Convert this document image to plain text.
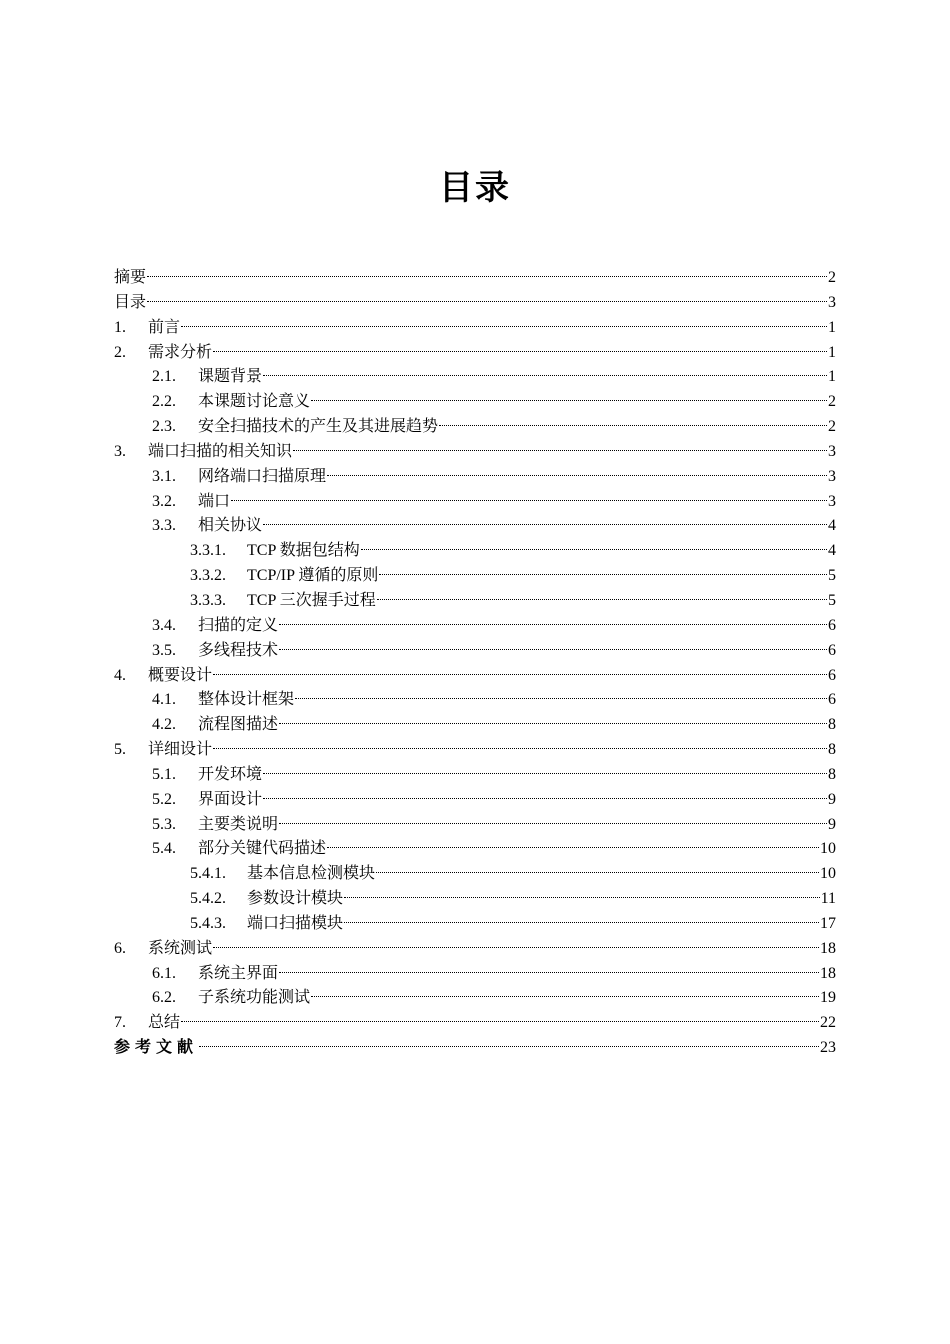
目录
摘要	2
目录	3
1.	前言	1
2.	需求分析	1
2.1.	课题背景	1
2.2.	本课题讨论意义	2
2.3.	安全扫描技术的产生及其进展趋势	2
3.	端口扫描的相关知识	3
3.1.	网络端口扫描原理	3
3.2.	端口	3
3.3.	相关协议	4
3.3.1.	TCP 数据包结构	4
3.3.2.	TCP/IP 遵循的原则	5
3.3.3.	TCP 三次握手过程	5
3.4.	扫描的定义	6
3.5.	多线程技术	6
4.	概要设计	6
4.1.	整体设计框架	6
4.2.	流程图描述	8
5.	详细设计	8
5.1.	开发环境	8
5.2.	界面设计	9
5.3.	主要类说明	9
5.4.	部分关键代码描述	10
5.4.1.	基本信息检测模块	10
5.4.2.	参数设计模块	11
5.4.3.	端口扫描模块	17
6.	系统测试	18
6.1.	系统主界面	18
6.2.	子系统功能测试	19
7.	总结	22
参考文献	23
